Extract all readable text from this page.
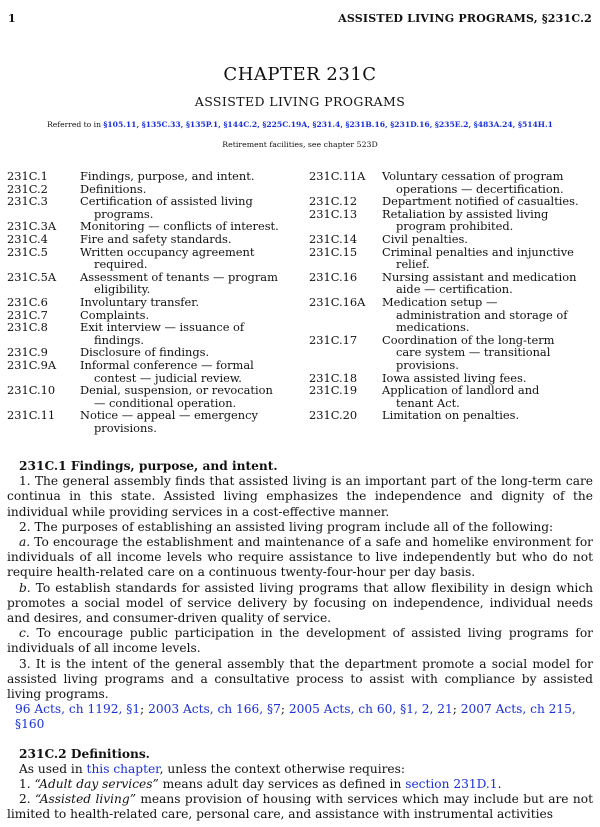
1	ASSISTED LIVING PROGRAMS, §231C.2
CHAPTER 231C
ASSISTED LIVING PROGRAMS
Referred to in §105.11, §135C.33, §135P.1, §144C.2, §225C.19A, §231.4, §231B.16, §231D.16, §235E.2, §483A.24, §514H.1
Retirement facilities, see chapter 523D
231C.1	Findings, purpose, and intent.
231C.2	Definitions.
231C.3	Certification of assisted living
programs.
231C.3A	Monitoring — conflicts of interest.
231C.4	Fire and safety standards.
231C.5	Written occupancy agreement
required.
231C.5A	Assessment of tenants — program
eligibility.
231C.6	Involuntary transfer.
231C.7	Complaints.
231C.8	Exit interview — issuance of
findings.
231C.9	Disclosure of findings.
231C.9A	Informal conference — formal
contest — judicial review.
231C.10	Denial, suspension, or revocation
— conditional operation.
231C.11	Notice — appeal — emergency
provisions.
231C.11A	Voluntary cessation of program
operations — decertification.
231C.12	Department notified of casualties.
231C.13	Retaliation by assisted living
program prohibited.
231C.14	Civil penalties.
231C.15	Criminal penalties and injunctive
relief.
231C.16	Nursing assistant and medication
aide — certification.
231C.16A	Medication setup —
administration and storage of
medications.
231C.17	Coordination of the long-term
care system — transitional
provisions.
231C.18	Iowa assisted living fees.
231C.19	Application of landlord and
tenant Act.
231C.20	Limitation on penalties.

231C.1 Findings, purpose, and intent.

1. The general assembly finds that assisted living is an important part of the long-term care continua in this state. Assisted living emphasizes the independence and dignity of the individual while providing services in a cost-effective manner.

2. The purposes of establishing an assisted living program include all of the following:

a. To encourage the establishment and maintenance of a safe and homelike environment for individuals of all income levels who require assistance to live independently but who do not require health-related care on a continuous twenty-four-hour per day basis.

b. To establish standards for assisted living programs that allow flexibility in design which promotes a social model of service delivery by focusing on independence, individual needs and desires, and consumer-driven quality of service.

c. To encourage public participation in the development of assisted living programs for individuals of all income levels.

3. It is the intent of the general assembly that the department promote a social model for assisted living programs and a consultative process to assist with compliance by assisted living programs.

96 Acts, ch 1192, §1; 2003 Acts, ch 166, §7; 2005 Acts, ch 60, §1, 2, 21; 2007 Acts, ch 215, §160

231C.2 Definitions.

As used in this chapter, unless the context otherwise requires:

1. “Adult day services” means adult day services as defined in section 231D.1.

2. “Assisted living” means provision of housing with services which may include but are not limited to health-related care, personal care, and assistance with instrumental activities
